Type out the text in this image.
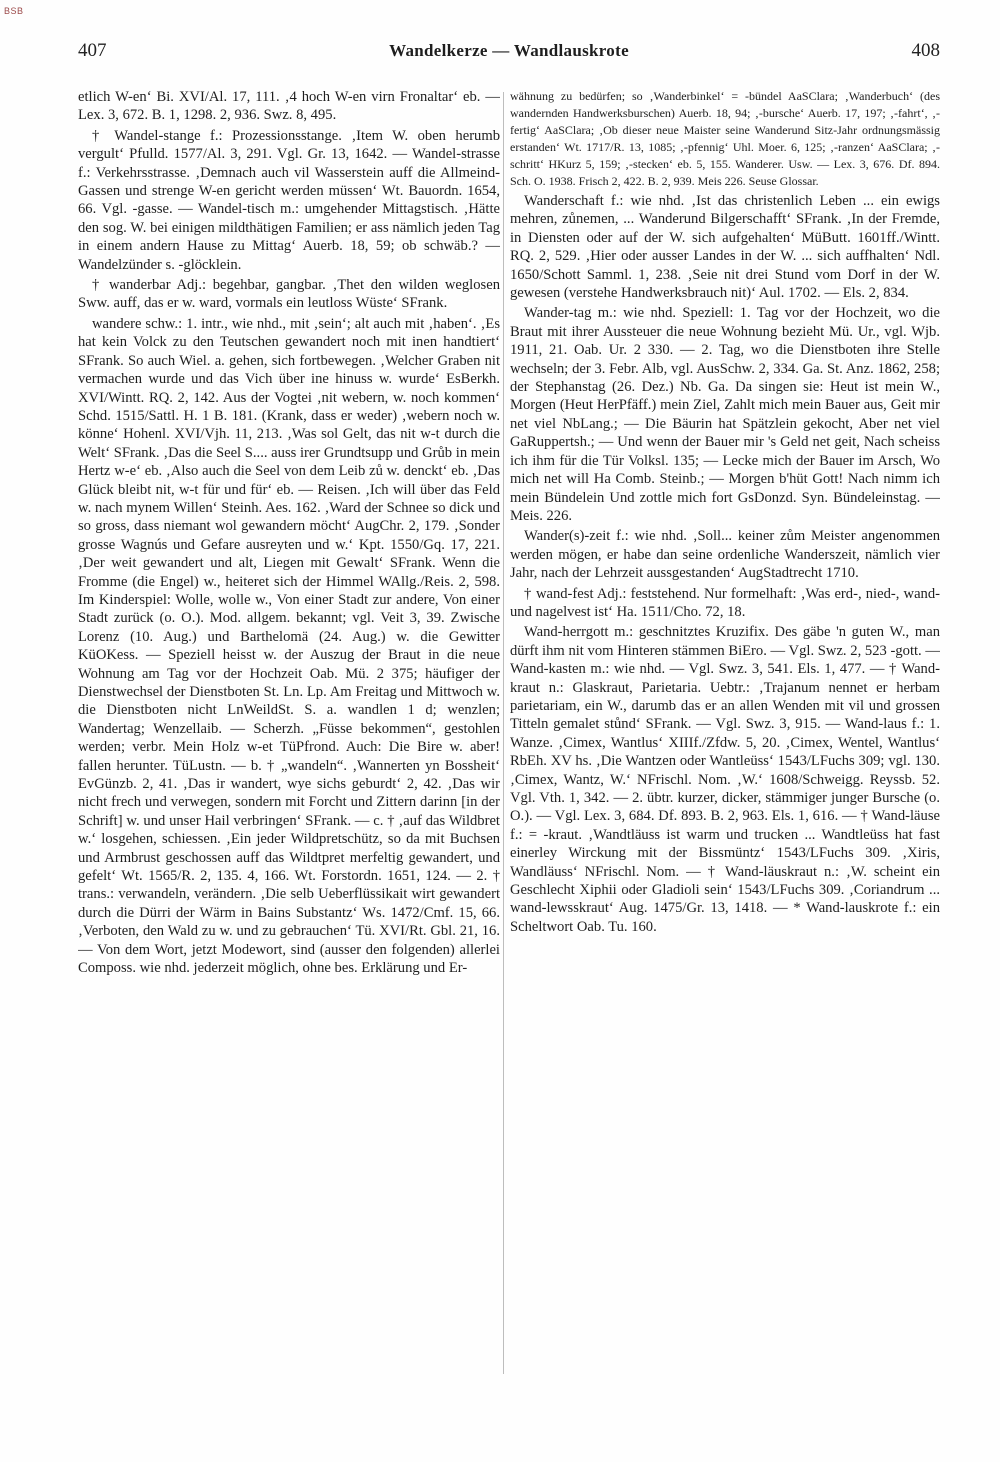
BSB
407	Wandelkerze — Wandlauskrote	408

etlich W-en‘ Bi. XVI/Al. 17, 111. ‚4 hoch W-en virn Fronaltar‘ eb. — Lex. 3, 672. B. 1, 1298. 2, 936. Swz. 8, 495.

† Wandel-stange f.: Prozessionsstange. ‚Item W. oben herumb vergult‘ Pfulld. 1577/Al. 3, 291. Vgl. Gr. 13, 1642. — Wandel-strasse f.: Verkehrsstrasse. ‚Demnach auch vil Wasserstein auff die Allmeind-Gassen und strenge W-en gericht werden müssen‘ Wt. Bauordn. 1654, 66. Vgl. -gasse. — Wandel-tisch m.: umgehender Mittagstisch. ‚Hätte den sog. W. bei einigen mildthätigen Familien; er ass nämlich jeden Tag in einem andern Hause zu Mittag‘ Auerb. 18, 59; ob schwäb.? — Wandelzünder s. -glöcklein.

† wanderbar Adj.: begehbar, gangbar. ‚Thet den wilden weglosen Sww. auff, das er w. ward, vormals ein leutloss Wüste‘ SFrank.

wandere schw.: 1. intr., wie nhd., mit ‚sein‘; alt auch mit ‚haben‘. ‚Es hat kein Volck zu den Teutschen gewandert noch mit inen handtiert‘ SFrank. So auch Wiel. a. gehen, sich fortbewegen. ‚Welcher Graben nit vermachen wurde und das Vich über ine hinuss w. wurde‘ EsBerkh. XVI/Wintt. RQ. 2, 142. Aus der Vogtei ‚nit webern, w. noch kommen‘ Schd. 1515/Sattl. H. 1 B. 181. (Krank, dass er weder) ‚webern noch w. könne‘ Hohenl. XVI/Vjh. 11, 213. ‚Was sol Gelt, das nit w-t durch die Welt‘ SFrank. ‚Das die Seel S.... auss irer Grundtsupp und Grůb in mein Hertz w-e‘ eb. ‚Also auch die Seel von dem Leib zů w. denckt‘ eb. ‚Das Glück bleibt nit, w-t für und für‘ eb. — Reisen. ‚Ich will über das Feld w. nach mynem Willen‘ Steinh. Aes. 162. ‚Ward der Schnee so dick und so gross, dass niemant wol gewandern möcht‘ AugChr. 2, 179. ‚Sonder grosse Wagnús und Gefare ausreyten und w.‘ Kpt. 1550/Gq. 17, 221. ‚Der weit gewandert und alt, Liegen mit Gewalt‘ SFrank. Wenn die Fromme (die Engel) w., heiteret sich der Himmel WAllg./Reis. 2, 598. Im Kinderspiel: Wolle, wolle w., Von einer Stadt zur andere, Von einer Stadt zurück (o. O.). Mod. allgem. bekannt; vgl. Veit 3, 39. Zwische Lorenz (10. Aug.) und Barthelomä (24. Aug.) w. die Gewitter KüOKess. — Speziell heisst w. der Auszug der Braut in die neue Wohnung am Tag vor der Hochzeit Oab. Mü. 2 375; häufiger der Dienstwechsel der Dienstboten St. Ln. Lp. Am Freitag und Mittwoch w. die Dienstboten nicht LnWeildSt. S. a. wandlen 1 d; wenzlen; Wandertag; Wenzellaib. — Scherzh. „Füsse bekommen“, gestohlen werden; verbr. Mein Holz w-et TüPfrond. Auch: Die Bire w. aber! fallen herunter. TüLustn. — b. † „wandeln“. ‚Wannerten yn Bossheit‘ EvGünzb. 2, 41. ‚Das ir wandert, wye sichs geburdt‘ 2, 42. ‚Das wir nicht frech und verwegen, sondern mit Forcht und Zittern darinn [in der Schrift] w. und unser Hail verbringen‘ SFrank. — c. † ‚auf das Wildbret w.‘ losgehen, schiessen. ‚Ein jeder Wildpretschütz, so da mit Buchsen und Armbrust geschossen auff das Wildtpret merfeltig gewandert, und gefelt‘ Wt. 1565/R. 2, 135. 4, 166. Wt. Forstordn. 1651, 124. — 2. † trans.: verwandeln, verändern. ‚Die selb Ueberflüssikait wirt gewandert durch die Dürri der Wärm in Bains Substantz‘ Ws. 1472/Cmf. 15, 66. ‚Verboten, den Wald zu w. und zu gebrauchen‘ Tü. XVI/Rt. Gbl. 21, 16. — Von dem Wort, jetzt Modewort, sind (ausser den folgenden) allerlei Composs. wie nhd. jederzeit möglich, ohne bes. Erklärung und Er-

wähnung zu bedürfen; so ‚Wanderbinkel‘ = -bündel AaSClara; ‚Wanderbuch‘ (des wandernden Handwerksburschen) Auerb. 18, 94; ‚-bursche‘ Auerb. 17, 197; ‚-fahrt‘, ‚-fertig‘ AaSClara; ‚Ob dieser neue Maister seine Wanderund Sitz-Jahr ordnungsmässig erstanden‘ Wt. 1717/R. 13, 1085; ‚-pfennig‘ Uhl. Moer. 6, 125; ‚-ranzen‘ AaSClara; ‚-schritt‘ HKurz 5, 159; ‚-stecken‘ eb. 5, 155. Wanderer. Usw. — Lex. 3, 676. Df. 894. Sch. O. 1938. Frisch 2, 422. B. 2, 939. Meis 226. Seuse Glossar.

Wanderschaft f.: wie nhd. ‚Ist das christenlich Leben ... ein ewigs mehren, zůnemen, ... Wanderund Bilgerschafft‘ SFrank. ‚In der Fremde, in Diensten oder auf der W. sich aufgehalten‘ MüButt. 1601ff./Wintt. RQ. 2, 529. ‚Hier oder ausser Landes in der W. ... sich auffhalten‘ Ndl. 1650/Schott Samml. 1, 238. ‚Seie nit drei Stund vom Dorf in der W. gewesen (verstehe Handwerksbrauch nit)‘ Aul. 1702. — Els. 2, 834.

Wander-tag m.: wie nhd. Speziell: 1. Tag vor der Hochzeit, wo die Braut mit ihrer Aussteuer die neue Wohnung bezieht Mü. Ur., vgl. Wjb. 1911, 21. Oab. Ur. 2 330. — 2. Tag, wo die Dienstboten ihre Stelle wechseln; der 3. Febr. Alb, vgl. AusSchw. 2, 334. Ga. St. Anz. 1862, 258; der Stephanstag (26. Dez.) Nb. Ga. Da singen sie: Heut ist mein W., Morgen (Heut HerPfäff.) mein Ziel, Zahlt mich mein Bauer aus, Geit mir net viel NbLang.; — Die Bäurin hat Spätzlein gekocht, Aber net viel GaRuppertsh.; — Und wenn der Bauer mir 's Geld net geit, Nach scheiss ich ihm für die Tür Volksl. 135; — Lecke mich der Bauer im Arsch, Wo mich net will Ha Comb. Steinb.; — Morgen b'hüt Gott! Nach nimm ich mein Bündelein Und zottle mich fort GsDonzd. Syn. Bündeleinstag. — Meis. 226.

Wander(s)-zeit f.: wie nhd. ‚Soll... keiner zům Meister angenommen werden mögen, er habe dan seine ordenliche Wanderszeit, nämlich vier Jahr, nach der Lehrzeit aussgestanden‘ AugStadtrecht 1710.

† wand-fest Adj.: feststehend. Nur formelhaft: ‚Was erd-, nied-, wand- und nagelvest ist‘ Ha. 1511/Cho. 72, 18.

Wand-herrgott m.: geschnitztes Kruzifix. Des gäbe 'n guten W., man dürft ihm nit vom Hinteren stämmen BiEro. — Vgl. Swz. 2, 523 -gott. — Wand-kasten m.: wie nhd. — Vgl. Swz. 3, 541. Els. 1, 477. — † Wand-kraut n.: Glaskraut, Parietaria. Uebtr.: ‚Trajanum nennet er herbam parietariam, ein W., darumb das er an allen Wenden mit vil und grossen Titteln gemalet stůnd‘ SFrank. — Vgl. Swz. 3, 915. — Wand-laus f.: 1. Wanze. ‚Cimex, Wantlus‘ XIIIf./Zfdw. 5, 20. ‚Cimex, Wentel, Wantlus‘ RbEh. XV hs. ‚Die Wantzen oder Wantleüss‘ 1543/LFuchs 309; vgl. 130. ‚Cimex, Wantz, W.‘ NFrischl. Nom. ‚W.‘ 1608/Schweigg. Reyssb. 52. Vgl. Vth. 1, 342. — 2. übtr. kurzer, dicker, stämmiger junger Bursche (o. O.). — Vgl. Lex. 3, 684. Df. 893. B. 2, 963. Els. 1, 616. — † Wand-läuse f.: = -kraut. ‚Wandtläuss ist warm und trucken ... Wandtleüss hat fast einerley Wirckung mit der Bissmüntz‘ 1543/LFuchs 309. ‚Xiris, Wandläuss‘ NFrischl. Nom. — † Wand-läuskraut n.: ‚W. scheint ein Geschlecht Xiphii oder Gladioli sein‘ 1543/LFuchs 309. ‚Coriandrum ... wand-lewsskraut‘ Aug. 1475/Gr. 13, 1418. — * Wand-lauskrote f.: ein Scheltwort Oab. Tu. 160.
